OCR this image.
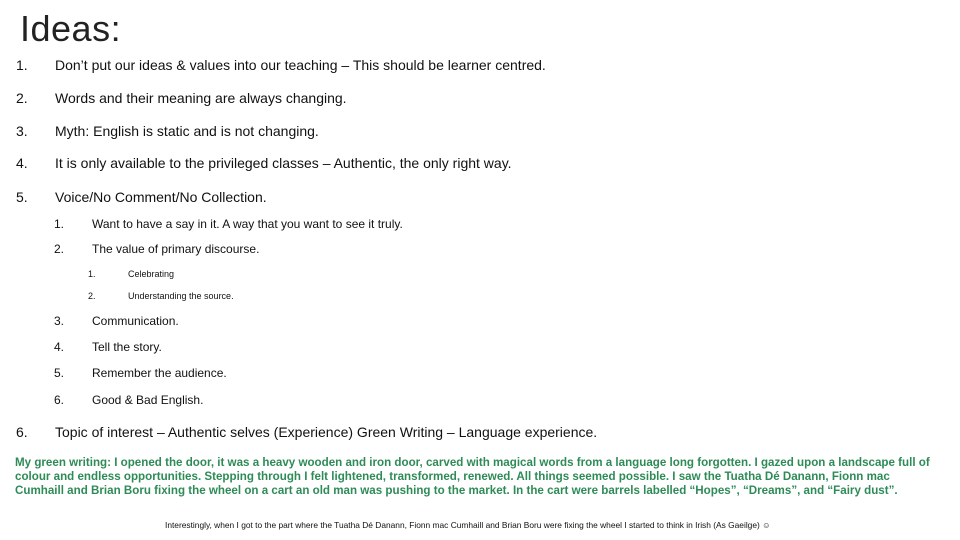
Ideas:
1. Don’t put our ideas & values into our teaching – This should be learner centred.
2. Words and their meaning are always changing.
3. Myth: English is static and is not changing.
4. It is only available to the privileged classes – Authentic, the only right way.
5. Voice/No Comment/No Collection.
1. Want to have a say in it. A way that you want to see it truly.
2. The value of primary discourse.
1.	Celebrating
2.	Understanding the source.
3. Communication.
4. Tell the story.
5. Remember the audience.
6. Good & Bad English.
6. Topic of interest – Authentic selves (Experience) Green Writing – Language experience.
My green writing: I opened the door, it was a heavy wooden and iron door, carved with magical words from a language long forgotten. I gazed upon a landscape full of colour and endless opportunities. Stepping through I felt lightened, transformed, renewed. All things seemed possible. I saw the Tuatha Dé Danann, Fionn mac Cumhaill and Brian Boru fixing the wheel on a cart an old man was pushing to the market. In the cart were barrels labelled “Hopes”, “Dreams”, and “Fairy dust”.
Interestingly, when I got to the part where the Tuatha Dé Danann, Fionn mac Cumhaill and Brian Boru were fixing the wheel I started to think in Irish (As Gaeilge) ☺
